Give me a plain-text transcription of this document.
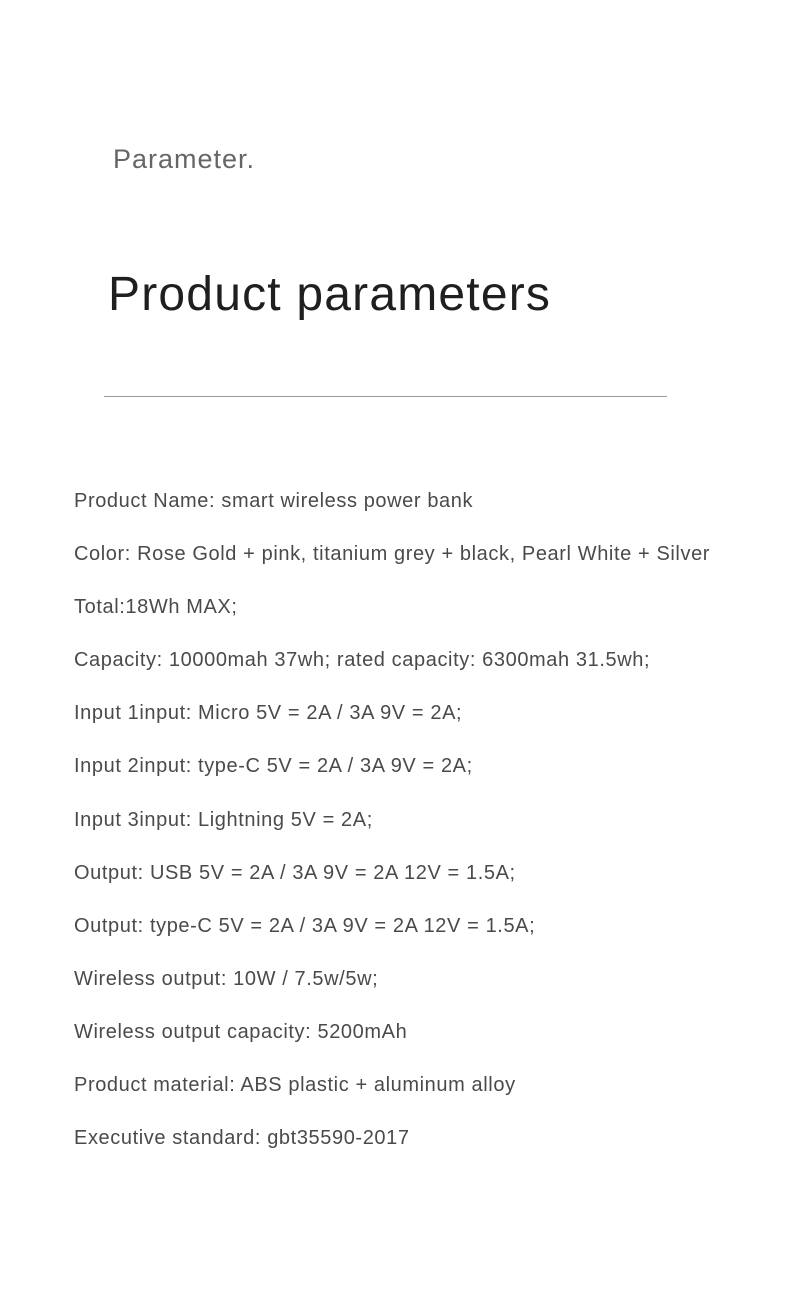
Parameter.
Product parameters
Product Name: smart wireless power bank
Color: Rose Gold + pink, titanium grey + black, Pearl White + Silver
Total:18Wh MAX;
Capacity: 10000mah 37wh; rated capacity: 6300mah 31.5wh;
Input 1input: Micro 5V = 2A / 3A 9V = 2A;
Input 2input: type-C 5V = 2A / 3A 9V = 2A;
Input 3input: Lightning 5V = 2A;
Output: USB 5V = 2A / 3A 9V = 2A 12V = 1.5A;
Output: type-C 5V = 2A / 3A 9V = 2A 12V = 1.5A;
Wireless output: 10W / 7.5w/5w;
Wireless output capacity: 5200mAh
Product material: ABS plastic + aluminum alloy
Executive standard: gbt35590-2017
